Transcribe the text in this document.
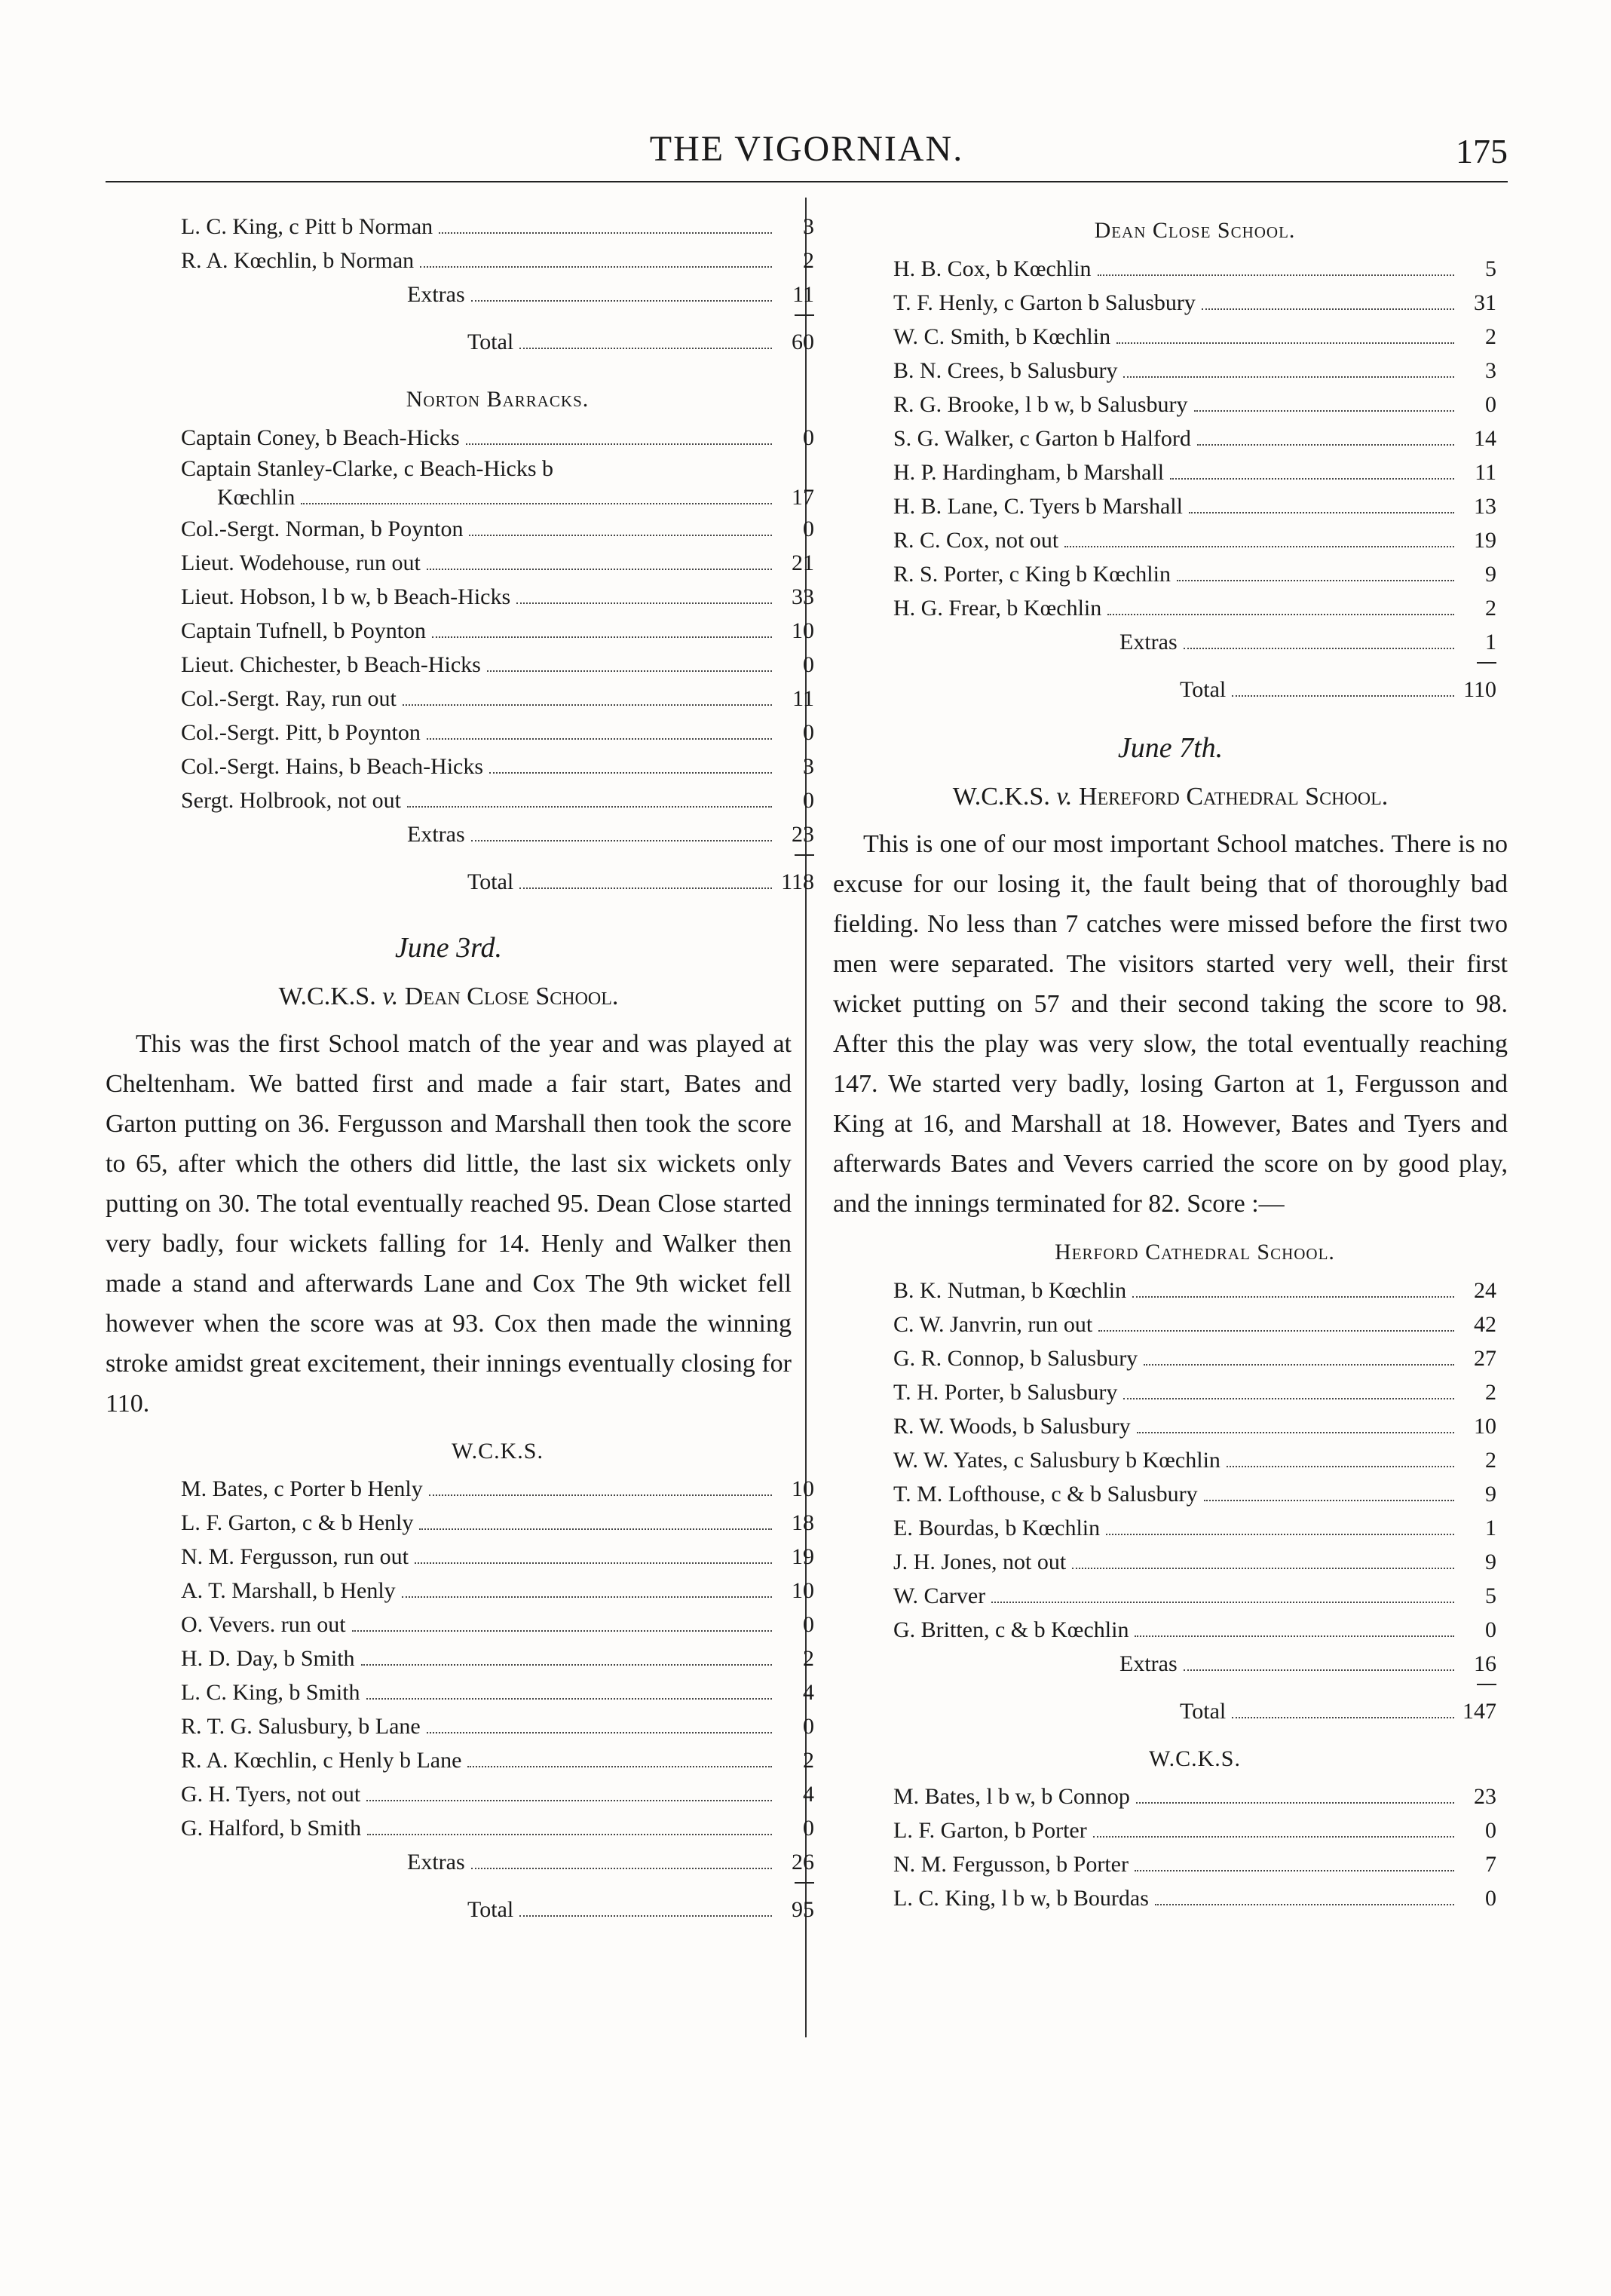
THE VIGORNIAN.	175
L. C. King, c Pitt b Norman	3
R. A. Kœchlin, b Norman	2
Extras	11
Total	60
Norton Barracks.
Captain Coney, b Beach-Hicks	0
Captain Stanley-Clarke, c Beach-Hicks b
Kœchlin	17
Col.-Sergt. Norman, b Poynton	0
Lieut. Wodehouse, run out	21
Lieut. Hobson, l b w, b Beach-Hicks	33
Captain Tufnell, b Poynton	10
Lieut. Chichester, b Beach-Hicks	0
Col.-Sergt. Ray, run out	11
Col.-Sergt. Pitt, b Poynton	0
Col.-Sergt. Hains, b Beach-Hicks	3
Sergt. Holbrook, not out	0
Extras	23
Total	118
June 3rd.
W.C.K.S. v. Dean Close School.

This was the first School match of the year and was played at Cheltenham. We batted first and made a fair start, Bates and Garton putting on 36. Fergusson and Marshall then took the score to 65, after which the others did little, the last six wickets only putting on 30. The total eventually reached 95. Dean Close started very badly, four wickets falling for 14. Henly and Walker then made a stand and afterwards Lane and Cox The 9th wicket fell however when the score was at 93. Cox then made the winning stroke amidst great excitement, their innings eventually closing for 110.

W.C.K.S.
M. Bates, c Porter b Henly	10
L. F. Garton, c & b Henly	18
N. M. Fergusson, run out	19
A. T. Marshall, b Henly	10
O. Vevers. run out	0
H. D. Day, b Smith	2
L. C. King, b Smith	4
R. T. G. Salusbury, b Lane	0
R. A. Kœchlin, c Henly b Lane	2
G. H. Tyers, not out	4
G. Halford, b Smith	0
Extras	26
Total	95
Dean Close School.
H. B. Cox, b Kœchlin	5
T. F. Henly, c Garton b Salusbury	31
W. C. Smith, b Kœchlin	2
B. N. Crees, b Salusbury	3
R. G. Brooke, l b w, b Salusbury	0
S. G. Walker, c Garton b Halford	14
H. P. Hardingham, b Marshall	11
H. B. Lane, C. Tyers b Marshall	13
R. C. Cox, not out	19
R. S. Porter, c King b Kœchlin	9
H. G. Frear, b Kœchlin	2
Extras	1
Total	110
June 7th.
W.C.K.S. v. Hereford Cathedral School.

This is one of our most important School matches. There is no excuse for our losing it, the fault being that of thoroughly bad fielding. No less than 7 catches were missed before the first two men were separated. The visitors started very well, their first wicket putting on 57 and their second taking the score to 98. After this the play was very slow, the total eventually reaching 147. We started very badly, losing Garton at 1, Fergusson and King at 16, and Marshall at 18. However, Bates and Tyers and afterwards Bates and Vevers carried the score on by good play, and the innings terminated for 82. Score :—

Herford Cathedral School.
B. K. Nutman, b Kœchlin	24
C. W. Janvrin, run out	42
G. R. Connop, b Salusbury	27
T. H. Porter, b Salusbury	2
R. W. Woods, b Salusbury	10
W. W. Yates, c Salusbury b Kœchlin	2
T. M. Lofthouse, c & b Salusbury	9
E. Bourdas, b Kœchlin	1
J. H. Jones, not out	9
W. Carver	5
G. Britten, c & b Kœchlin	0
Extras	16
Total	147
W.C.K.S.
M. Bates, l b w, b Connop	23
L. F. Garton, b Porter	0
N. M. Fergusson, b Porter	7
L. C. King, l b w, b Bourdas	0
